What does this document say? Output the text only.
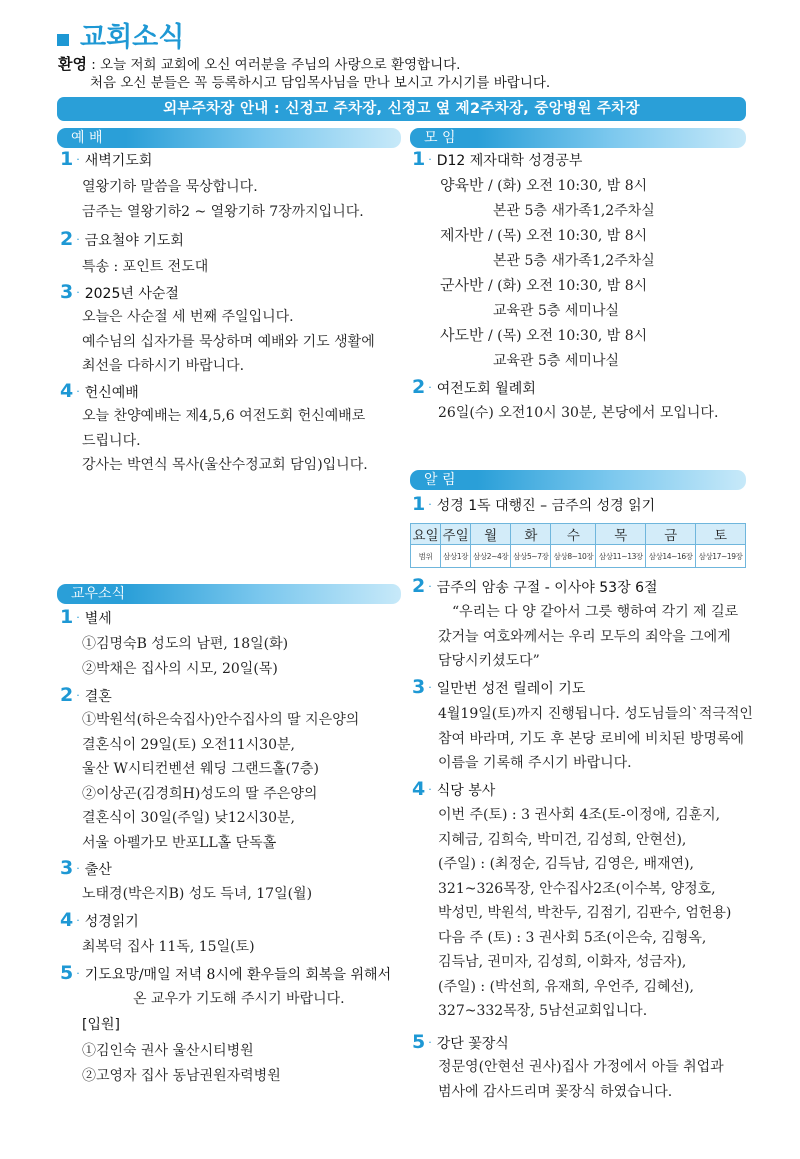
교회소식
환영 : 오늘 저희 교회에 오신 여러분을 주님의 사랑으로 환영합니다.
처음 오신 분들은 꼭 등록하시고 담임목사님을 만나 보시고 가시기를 바랍니다.
외부주차장 안내 : 신정고 주차장, 신정고 옆 제2주차장, 중앙병원 주차장
예 배
1 · 새벽기도회
열왕기하 말씀을 묵상합니다.
금주는 열왕기하2 ~ 열왕기하 7장까지입니다.
2 · 금요철야 기도회
특송 : 포인트 전도대
3 · 2025년 사순절
오늘은 사순절 세 번째 주일입니다.
예수님의 십자가를 묵상하며 예배와 기도 생활에
최선을 다하시기 바랍니다.
4 · 헌신예배
오늘 찬양예배는 제4,5,6 여전도회 헌신예배로
드립니다.
강사는 박연식 목사(울산수정교회 담임)입니다.
교우소식
1 · 별세
①김명숙B 성도의 남편, 18일(화)
②박채은 집사의 시모, 20일(목)
2 · 결혼
①박원석(하은숙집사)안수집사의 딸 지은양의
결혼식이 29일(토) 오전11시30분,
울산 W시티컨벤션 웨딩 그랜드홀(7층)
②이상곤(김경희H)성도의 딸 주은양의
결혼식이 30일(주일) 낮12시30분,
서울 아펠가모 반포LL홀 단독홀
3 · 출산
노태경(박은지B) 성도 득녀, 17일(월)
4 · 성경읽기
최복덕 집사 11독, 15일(토)
5 · 기도요망/매일 저녁 8시에 환우들의 회복을 위해서
온 교우가 기도해 주시기 바랍니다.
[입원]
①김인숙 권사 울산시티병원
②고영자 집사 동남권원자력병원
모 임
1 · D12 제자대학 성경공부
양육반 / (화) 오전 10:30, 밤 8시
본관 5층 새가족1,2주차실
제자반 / (목) 오전 10:30, 밤 8시
본관 5층 새가족1,2주차실
군사반 / (화) 오전 10:30, 밤 8시
교육관 5층 세미나실
사도반 / (목) 오전 10:30, 밤 8시
교육관 5층 세미나실
2 · 여전도회 월례회
26일(수) 오전10시 30분, 본당에서 모입니다.
알 림
1 · 성경 1독 대행진 – 금주의 성경 읽기
요일	주일	월	화	수	목	금	토
범위	삼상1장	삼상2~4장	삼상5~7장	삼상8~10장	삼상11~13장	삼상14~16장	삼상17~19장
2 · 금주의 암송 구절 - 이사야 53장 6절
“우리는 다 양 같아서 그릇 행하여 각기 제 길로
갔거늘 여호와께서는 우리 모두의 죄악을 그에게
담당시키셨도다”
3 · 일만번 성전 릴레이 기도
4월19일(토)까지 진행됩니다. 성도님들의`적극적인
참여 바라며, 기도 후 본당 로비에 비치된 방명록에
이름을 기록해 주시기 바랍니다.
4 · 식당 봉사
이번 주(토) : 3 권사회 4조(토-이정애, 김훈지,
지혜금, 김희숙, 박미건, 김성희, 안현선),
(주일) : (최정순, 김득남, 김영은, 배재연),
321~326목장, 안수집사2조(이수복, 양정호,
박성민, 박원석, 박찬두, 김점기, 김판수, 엄헌용)
다음 주 (토) : 3 권사회 5조(이은숙, 김형옥,
김득남, 권미자, 김성희, 이화자, 성금자),
(주일) : (박선희, 유재희, 우언주, 김혜선),
327~332목장, 5남선교회입니다.
5 · 강단 꽃장식
정문영(안현선 권사)집사 가정에서 아들 취업과
범사에 감사드리며 꽃장식 하였습니다.
